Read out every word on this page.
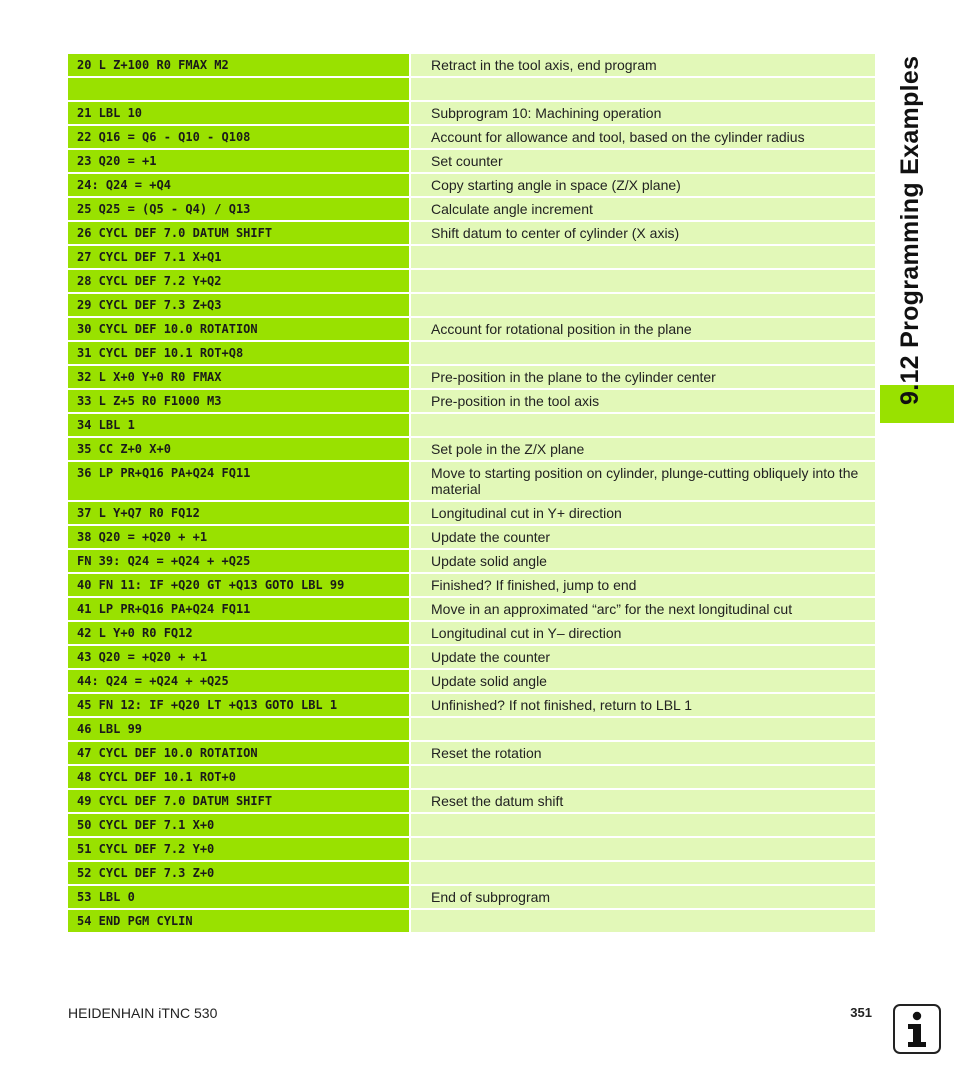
20 L Z+100 R0 FMAX M2	Retract in the tool axis, end program
21 LBL 10	Subprogram 10: Machining operation
22 Q16 = Q6 - Q10 - Q108	Account for allowance and tool, based on the cylinder radius
23 Q20 = +1	Set counter
24: Q24 = +Q4	Copy starting angle in space (Z/X plane)
25 Q25 = (Q5 - Q4) / Q13	Calculate angle increment
26 CYCL DEF 7.0 DATUM SHIFT	Shift datum to center of cylinder (X axis)
27 CYCL DEF 7.1 X+Q1
28 CYCL DEF 7.2 Y+Q2
29 CYCL DEF 7.3 Z+Q3
30 CYCL DEF 10.0 ROTATION	Account for rotational position in the plane
31 CYCL DEF 10.1 ROT+Q8
32 L X+0 Y+0 R0 FMAX	Pre-position in the plane to the cylinder center
33 L Z+5 R0 F1000 M3	Pre-position in the tool axis
34 LBL 1
35 CC Z+0 X+0	Set pole in the Z/X plane
36 LP PR+Q16 PA+Q24 FQ11	Move to starting position on cylinder, plunge-cutting obliquely into the material
37 L Y+Q7 R0 FQ12	Longitudinal cut in Y+ direction
38 Q20 = +Q20 + +1	Update the counter
FN 39: Q24 = +Q24 + +Q25	Update solid angle
40 FN 11: IF +Q20 GT +Q13 GOTO LBL 99	Finished? If finished, jump to end
41 LP PR+Q16 PA+Q24 FQ11	Move in an approximated “arc” for the next longitudinal cut
42 L Y+0 R0 FQ12	Longitudinal cut in Y– direction
43 Q20 = +Q20 + +1	Update the counter
44: Q24 = +Q24 + +Q25	Update solid angle
45 FN 12: IF +Q20 LT +Q13 GOTO LBL 1	Unfinished? If not finished, return to LBL 1
46 LBL 99
47 CYCL DEF 10.0 ROTATION	Reset the rotation
48 CYCL DEF 10.1 ROT+0
49 CYCL DEF 7.0 DATUM SHIFT	Reset the datum shift
50 CYCL DEF 7.1 X+0
51 CYCL DEF 7.2 Y+0
52 CYCL DEF 7.3 Z+0
53 LBL 0	End of subprogram
54 END PGM CYLIN
9.12 Programming Examples
HEIDENHAIN iTNC 530	351
